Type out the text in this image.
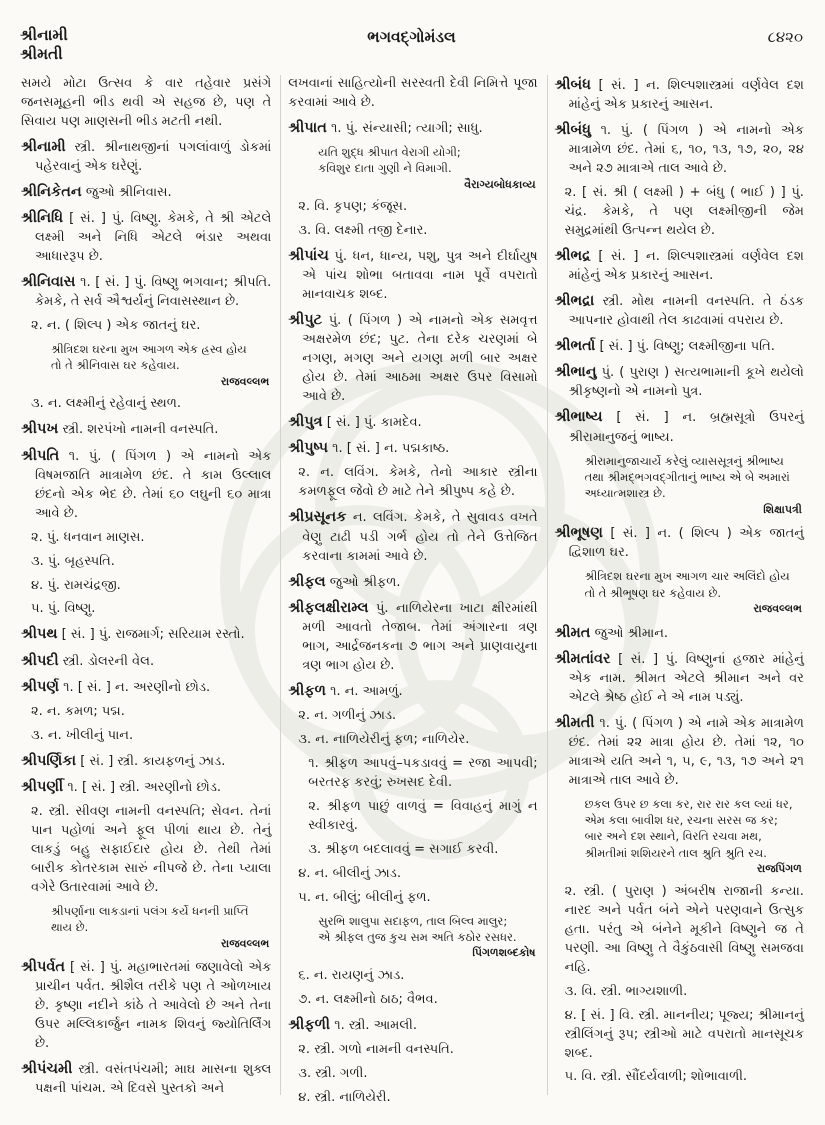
શ્રીનામી
શ્રીમતી
ભગવદ્ગોમંડલ	૮૪૨૦

સમયે મોટા ઉત્સવ કે વાર તહેવાર પ્રસંગે જનસમૂહની ભીડ થવી એ સહજ છે, પણ તે સિવાય પણ માણસની ભીડ મટતી નથી.

શ્રીનામી સ્ત્રી. શ્રીનાથજીનાં પગલાંવાળું ડોકમાં પહેરવાનું એક ઘરેણું.

શ્રીનિકેતન જુઓ શ્રીનિવાસ.

શ્રીનિધિ [ સં. ] પું. વિષ્ણુ. કેમકે, તે શ્રી એટલે લક્ષ્મી અને નિધિ એટલે ભંડાર અથવા આધારરૂપ છે.

શ્રીનિવાસ ૧. [ સં. ] પું. વિષ્ણુ ભગવાન; શ્રીપતિ. કેમકે, તે સર્વ ઐશ્વર્યનું નિવાસસ્થાન છે.

૨. ન. ( શિલ્પ ) એક જાતનું ઘર.

શ્રીત્રિદશ ઘરના મુખ આગળ એક હ્રસ્વ હોય
તો તે શ્રીનિવાસ ઘર કહેવાય.
રાજવલ્લભ

૩. ન. લક્ષ્મીનું રહેવાનું સ્થળ.

શ્રીપખ સ્ત્રી. શરપંખો નામની વનસ્પતિ.

શ્રીપતિ ૧. પું. ( પિંગળ ) એ નામનો એક વિષમજાતિ માત્રામેળ છંદ. તે કામ ઉલ્લાલ છંદનો એક ભેદ છે. તેમાં ૬૦ લઘુની ૬૦ માત્રા આવે છે.

૨. પું. ધનવાન માણસ.

૩. પું. બૃહસ્પતિ.

૪. પું. રામચંદ્રજી.

૫. પું. વિષ્ણુ.

શ્રીપથ [ સં. ] પું. રાજમાર્ગ; સરિયામ રસ્તો.

શ્રીપદી સ્ત્રી. ડોલરની વેલ.

શ્રીપર્ણ ૧. [ સં. ] ન. અરણીનો છોડ.

૨. ન. કમળ; પદ્મ.

૩. ન. ખીલીનું પાન.

શ્રીપર્ણિકા [ સં. ] સ્ત્રી. કાયફળનું ઝાડ.

શ્રીપર્ણી ૧. [ સં. ] સ્ત્રી. અરણીનો છોડ.

૨. સ્ત્રી. સીવણ નામની વનસ્પતિ; સેવન. તેનાં પાન પહોળાં અને ફૂલ પીળાં થાય છે. તેનું લાકડું બહુ સફાઈદાર હોય છે. તેથી તેમાં બારીક કોતરકામ સારું નીપજે છે. તેના પ્યાલા વગેરે ઉતારવામાં આવે છે.

શ્રીપર્ણાના લાકડાનાં પલંગ કર્યે ધનની પ્રાપ્તિ
થાય છે.
રાજવલ્લભ

શ્રીપર્વત [ સં. ] પું. મહાભારતમાં જણાવેલો એક પ્રાચીન પર્વત. શ્રીશૈલ તરીકે પણ તે ઓળખાય છે. કૃષ્ણા નદીને કાંઠે તે આવેલો છે અને તેના ઉપર મલ્લિકાર્જુન નામક શિવનું જ્યોતિર્લિંગ છે.

શ્રીપંચમી સ્ત્રી. વસંતપંચમી; માઘ માસના શુક્લ પક્ષની પાંચમ. એ દિવસે પુસ્તકો અને

લખવાનાં સાહિત્યોની સરસ્વતી દેવી નિમિત્તે પૂજા કરવામાં આવે છે.

શ્રીપાત ૧. પું. સંન્યાસી; ત્યાગી; સાધુ.

યતિ શુદ્ધ શ્રીપાત વેરાગી યોગી;
કવિશુર દાતા ગુણી ને વિમાગી.
વૈરાગ્યબોધકાવ્ય

૨. વિ. કૃપણ; કંજૂસ.

૩. વિ. લક્ષ્મી તજી દેનાર.

શ્રીપાંચ પું. ધન, ધાન્ય, પશુ, પુત્ર અને દીર્ઘાયુષ એ પાંચ શોભા બતાવવા નામ પૂર્વે વપરાતો માનવાચક શબ્દ.

શ્રીપુટ પું. ( પિંગળ ) એ નામનો એક સમવૃત્ત અક્ષરમેળ છંદ; પુટ. તેના દરેક ચરણમાં બે નગણ, મગણ અને યગણ મળી બાર અક્ષર હોય છે. તેમાં આઠમા અક્ષર ઉપર વિસામો આવે છે.

શ્રીપુત્ર [ સં. ] પું. કામદેવ.

શ્રીપુષ્પ ૧. [ સં. ] ન. પદ્મકાષ્ઠ.

૨. ન. લવિંગ. કેમકે, તેનો આકાર સ્ત્રીના કમળફૂલ જેવો છે માટે તેને શ્રીપુષ્પ કહે છે.

શ્રીપ્રસૂનક ન. લવિંગ. કેમકે, તે સુવાવડ વખતે વેણુ ટાઢી પડી ગર્ભ હોય તો તેને ઉત્તેજિત કરવાના કામમાં આવે છે.

શ્રીફલ જુઓ શ્રીફળ.

શ્રીફલક્ષીરામ્લ પું. નાળિયેરના ખાટા ક્ષીરમાંથી મળી આવતો તેજાબ. તેમાં અંગારના ત્રણ ભાગ, આર્દ્રજનકના ૭ ભાગ અને પ્રાણવાયુના ત્રણ ભાગ હોય છે.

શ્રીફળ ૧. ન. આમળું.

૨. ન. ગળીનું ઝાડ.

૩. ન. નાળિયેરીનું ફળ; નાળિયેર.

૧. શ્રીફળ આપવું–પકડાવવું = રજા આપવી; બરતરફ કરવું; રુખસદ દેવી.

૨. શ્રીફળ પાછું વાળવું = વિવાહનું માગું ન સ્વીકારવું.

૩. શ્રીફળ બદલાવવું = સગાઈ કરવી.

૪. ન. બીલીનું ઝાડ.

૫. ન. બીલું; બીલીનું ફળ.

સુરભિ શાલુપા સદાફળ, તાલ બિલ્વ માલુર;
એ શ્રીફલ તુજ કુચ સમ અતિ કઠોર રસધર.
પિંગળશબ્દકોષ

૬. ન. રાયણનું ઝાડ.

૭. ન. લક્ષ્મીનો ઠાઠ; વૈભવ.

શ્રીફળી ૧. સ્ત્રી. આમલી.

૨. સ્ત્રી. ગળો નામની વનસ્પતિ.

૩. સ્ત્રી. ગળી.

૪. સ્ત્રી. નાળિયેરી.

શ્રીબંધ [ સં. ] ન. શિલ્પશાસ્ત્રમાં વર્ણવેલ દશ માંહેનું એક પ્રકારનું આસન.

શ્રીબંધુ ૧. પું. ( પિંગળ ) એ નામનો એક માત્રામેળ છંદ. તેમાં ૬, ૧૦, ૧૩, ૧૭, ૨૦, ૨૪ અને ૨૭ માત્રાએ તાલ આવે છે.

૨. [ સં. શ્રી ( લક્ષ્મી ) + બંધુ ( ભાઈ ) ] પું. ચંદ્ર. કેમકે, તે પણ લક્ષ્મીજીની જેમ સમુદ્રમાંથી ઉત્પન્ન થયેલ છે.

શ્રીભદ્ર [ સં. ] ન. શિલ્પશાસ્ત્રમાં વર્ણવેલ દશ માંહેનું એક પ્રકારનું આસન.

શ્રીભદ્રા સ્ત્રી. મોથ નામની વનસ્પતિ. તે ઠંડક આપનાર હોવાથી તેલ કાઢવામાં વપરાય છે.

શ્રીભર્તા [ સં. ] પું. વિષ્ણુ; લક્ષ્મીજીના પતિ.

શ્રીભાનુ પું. ( પુરાણ ) સત્યભામાની કૂખે થયેલો શ્રીકૃષ્ણનો એ નામનો પુત્ર.

શ્રીભાષ્ય [ સં. ] ન. બ્રહ્મસૂત્રો ઉપરનું શ્રીરામાનુજનું ભાષ્ય.

શ્રીરામાનુજાચાર્યે કરેલું વ્યાસસૂત્રનું શ્રીભાષ્ય
તથા શ્રીમદ્ભગવદ્ગીતાનું ભાષ્ય એ બે અમારાં
અધ્યાત્મશાસ્ત્ર છે.
શિક્ષાપત્રી

શ્રીભૂષણ [ સં. ] ન. ( શિલ્પ ) એક જાતનું દ્વિશાળ ઘર.

શ્રીત્રિદશ ઘરના મુખ આગળ ચાર અલિંદો હોય
તો તે શ્રીભૂષણ ઘર કહેવાય છે.
રાજવલ્લભ

શ્રીમત જુઓ શ્રીમાન.

શ્રીમતાંવર [ સં. ] પું. વિષ્ણુનાં હજાર માંહેનું એક નામ. શ્રીમત એટલે શ્રીમાન અને વર એટલે શ્રેષ્ઠ હોઈ ને એ નામ પડ્યું.

શ્રીમતી ૧. પું. ( પિંગળ ) એ નામે એક માત્રામેળ છંદ. તેમાં ૨૨ માત્રા હોય છે. તેમાં ૧૨, ૧૦ માત્રાએ યતિ અને ૧, ૫, ૯, ૧૩, ૧૭ અને ૨૧ માત્રાએ તાલ આવે છે.

છકલ ઉપર છ કલા કર, રાર રાર કલ લ્યાં ધર,
એમ કલા બાવીશ ધર, રચના સરસ જ કર;
બાર અને દશ સ્થાને, વિરતિ રચવા મથ,
શ્રીમતીમાં શશિયરને તાલ શ્રુતિ શ્રુતિ રચ.
રાજપિંગળ

૨. સ્ત્રી. ( પુરાણ ) અંબરીષ રાજાની કન્યા. નારદ અને પર્વત બંને એને પરણવાને ઉત્સુક હતા. પરંતુ એ બંનેને મૂકીને વિષ્ણુને જ તે પરણી. આ વિષ્ણુ તે વૈકુંઠવાસી વિષ્ણુ સમજવા નહિ.

૩. વિ. સ્ત્રી. ભાગ્યશાળી.

૪. [ સં. ] વિ. સ્ત્રી. માનનીય; પૂજ્ય; શ્રીમાનનું સ્ત્રીલિંગનું રૂપ; સ્ત્રીઓ માટે વપરાતો માનસૂચક શબ્દ.

૫. વિ. સ્ત્રી. સૌંદર્યવાળી; શોભાવાળી.
